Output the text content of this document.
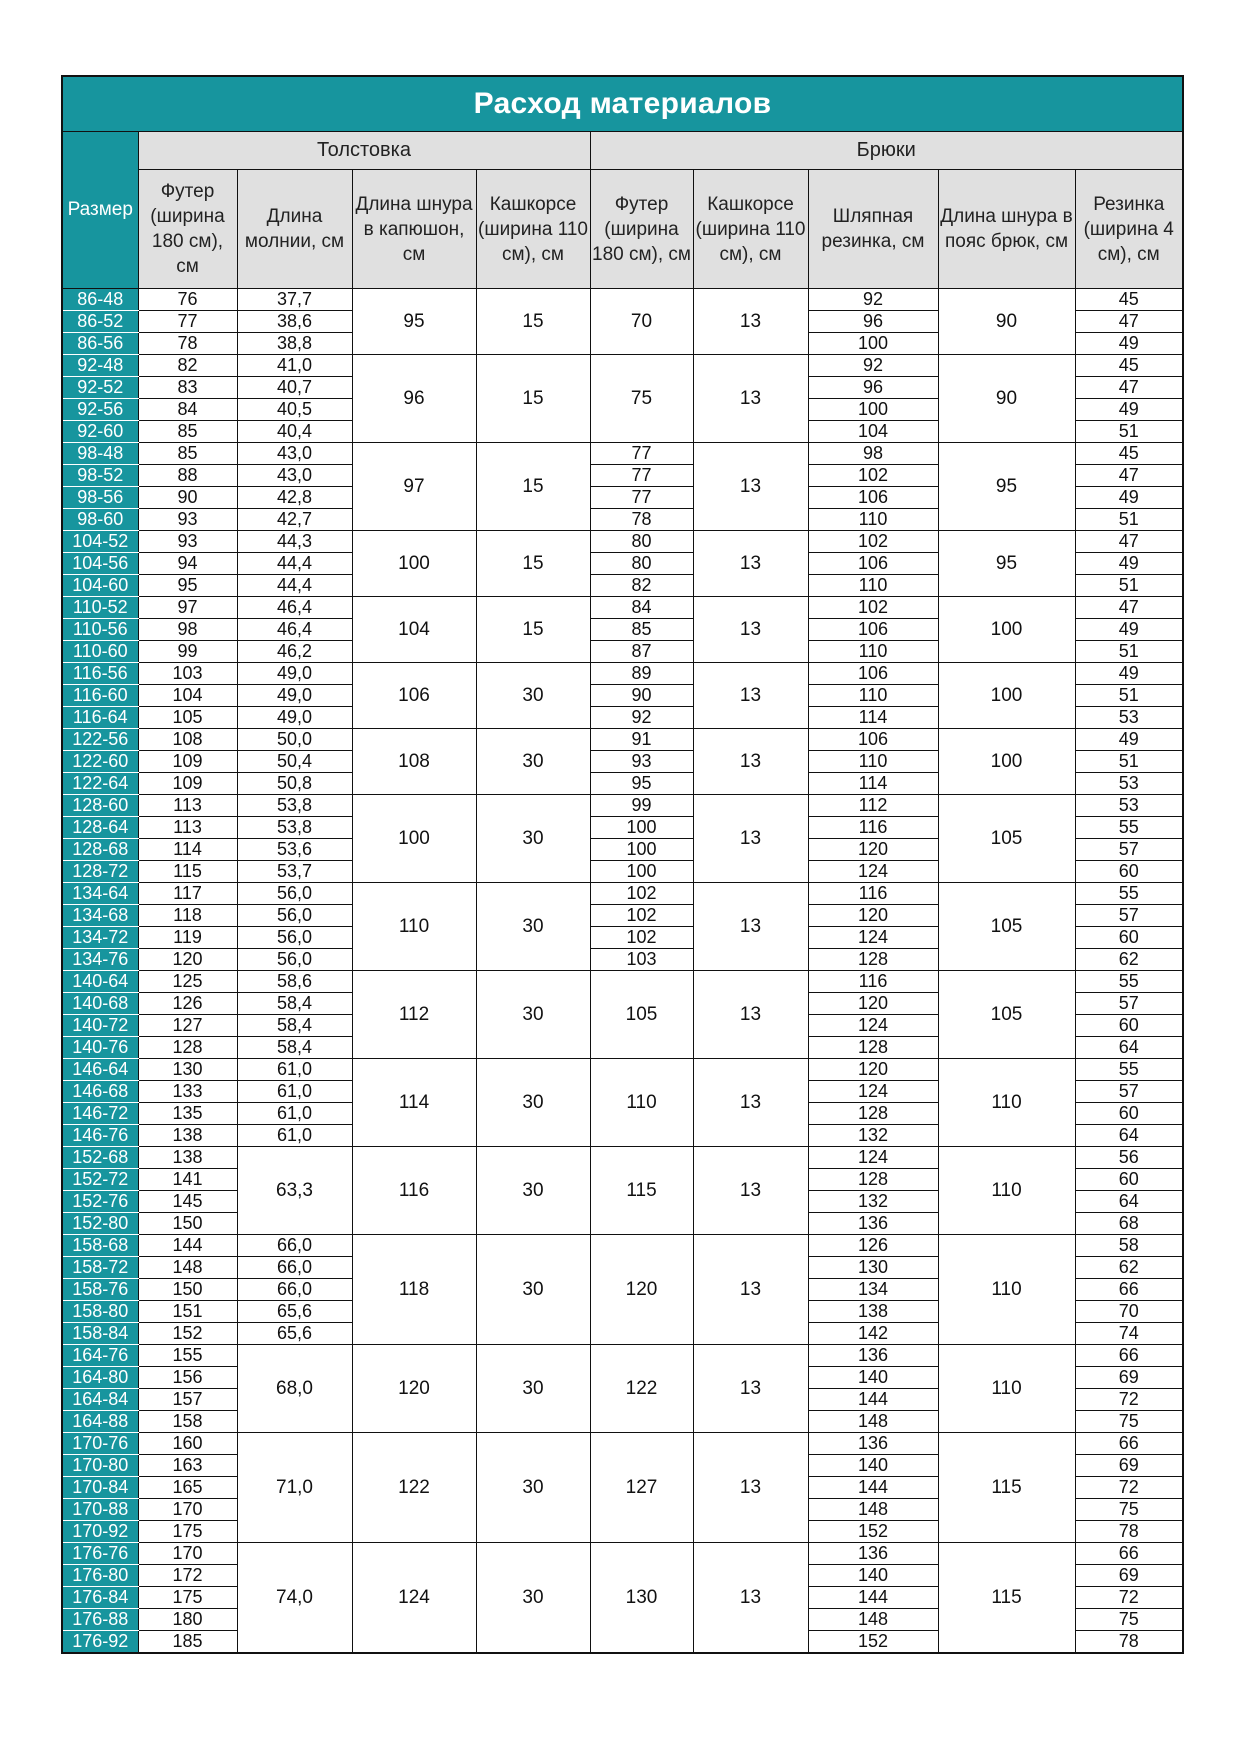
Расход материалов									
Размер	Толстовка				Брюки				
	Футер (ширина 180 см), см	Длина молнии, см	Длина шнура в капюшон, см	Кашкорсе (ширина 110 см), см	Футер (ширина 180 см), см	Кашкорсе (ширина 110 см), см	Шляпная резинка, см	Длина шнура в пояс брюк, см	Резинка (ширина 4 см), см
86-48	76	37,7	95	15	70	13	92	90	45
86-52	77	38,6					96		47
86-56	78	38,8					100		49
92-48	82	41,0	96	15	75	13	92	90	45
92-52	83	40,7					96		47
92-56	84	40,5					100		49
92-60	85	40,4					104		51
98-48	85	43,0	97	15	77	13	98	95	45
98-52	88	43,0			77		102		47
98-56	90	42,8			77		106		49
98-60	93	42,7			78		110		51
104-52	93	44,3	100	15	80	13	102	95	47
104-56	94	44,4			80		106		49
104-60	95	44,4			82		110		51
110-52	97	46,4	104	15	84	13	102	100	47
110-56	98	46,4			85		106		49
110-60	99	46,2			87		110		51
116-56	103	49,0	106	30	89	13	106	100	49
116-60	104	49,0			90		110		51
116-64	105	49,0			92		114		53
122-56	108	50,0	108	30	91	13	106	100	49
122-60	109	50,4			93		110		51
122-64	109	50,8			95		114		53
128-60	113	53,8	100	30	99	13	112	105	53
128-64	113	53,8			100		116		55
128-68	114	53,6			100		120		57
128-72	115	53,7			100		124		60
134-64	117	56,0	110	30	102	13	116	105	55
134-68	118	56,0			102		120		57
134-72	119	56,0			102		124		60
134-76	120	56,0			103		128		62
140-64	125	58,6	112	30	105	13	116	105	55
140-68	126	58,4					120		57
140-72	127	58,4					124		60
140-76	128	58,4					128		64
146-64	130	61,0	114	30	110	13	120	110	55
146-68	133	61,0					124		57
146-72	135	61,0					128		60
146-76	138	61,0					132		64
152-68	138	63,3	116	30	115	13	124	110	56
152-72	141						128		60
152-76	145						132		64
152-80	150						136		68
158-68	144	66,0	118	30	120	13	126	110	58
158-72	148	66,0					130		62
158-76	150	66,0					134		66
158-80	151	65,6					138		70
158-84	152	65,6					142		74
164-76	155	68,0	120	30	122	13	136	110	66
164-80	156						140		69
164-84	157						144		72
164-88	158						148		75
170-76	160	71,0	122	30	127	13	136	115	66
170-80	163						140		69
170-84	165						144		72
170-88	170						148		75
170-92	175						152		78
176-76	170	74,0	124	30	130	13	136	115	66
176-80	172						140		69
176-84	175						144		72
176-88	180						148		75
176-92	185						152		78
